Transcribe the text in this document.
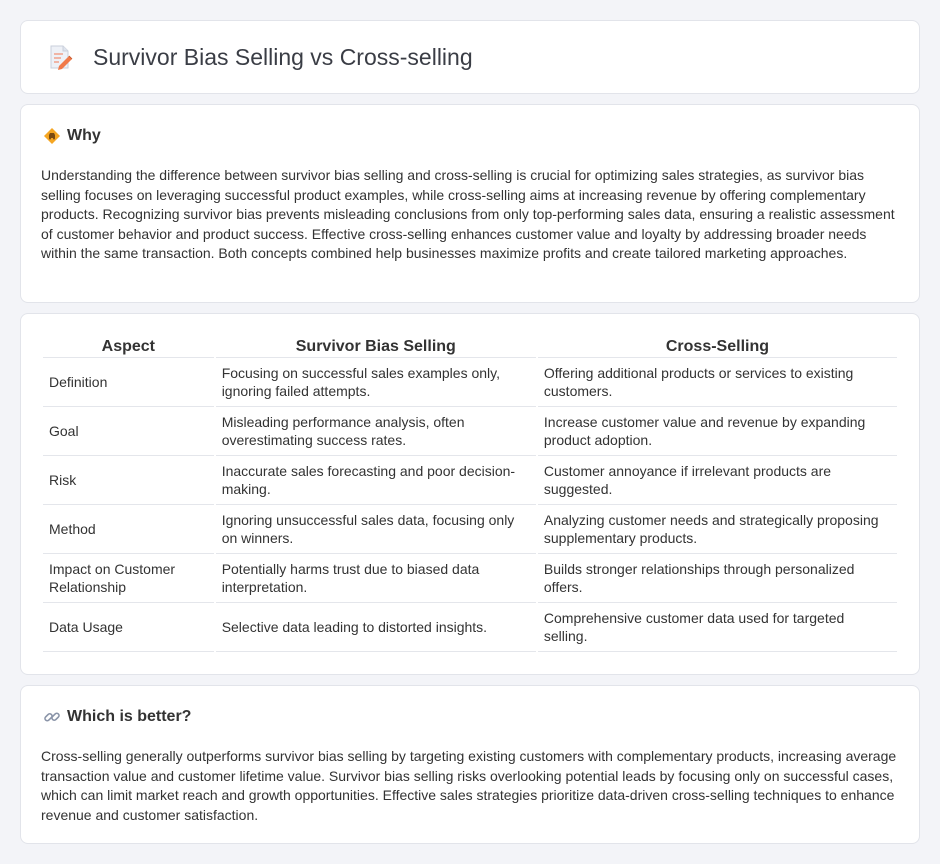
Survivor Bias Selling vs Cross-selling
Why

Understanding the difference between survivor bias selling and cross-selling is crucial for optimizing sales strategies, as survivor bias selling focuses on leveraging successful product examples, while cross-selling aims at increasing revenue by offering complementary products. Recognizing survivor bias prevents misleading conclusions from only top-performing sales data, ensuring a realistic assessment of customer behavior and product success. Effective cross-selling enhances customer value and loyalty by addressing broader needs within the same transaction. Both concepts combined help businesses maximize profits and create tailored marketing approaches.

Aspect	Survivor Bias Selling	Cross-Selling
Definition	Focusing on successful sales examples only, ignoring failed attempts.	Offering additional products or services to existing customers.
Goal	Misleading performance analysis, often overestimating success rates.	Increase customer value and revenue by expanding product adoption.
Risk	Inaccurate sales forecasting and poor decision-making.	Customer annoyance if irrelevant products are suggested.
Method	Ignoring unsuccessful sales data, focusing only on winners.	Analyzing customer needs and strategically proposing supplementary products.
Impact on Customer Relationship	Potentially harms trust due to biased data interpretation.	Builds stronger relationships through personalized offers.
Data Usage	Selective data leading to distorted insights.	Comprehensive customer data used for targeted selling.
Which is better?

Cross-selling generally outperforms survivor bias selling by targeting existing customers with complementary products, increasing average transaction value and customer lifetime value. Survivor bias selling risks overlooking potential leads by focusing only on successful cases, which can limit market reach and growth opportunities. Effective sales strategies prioritize data-driven cross-selling techniques to enhance revenue and customer satisfaction.
